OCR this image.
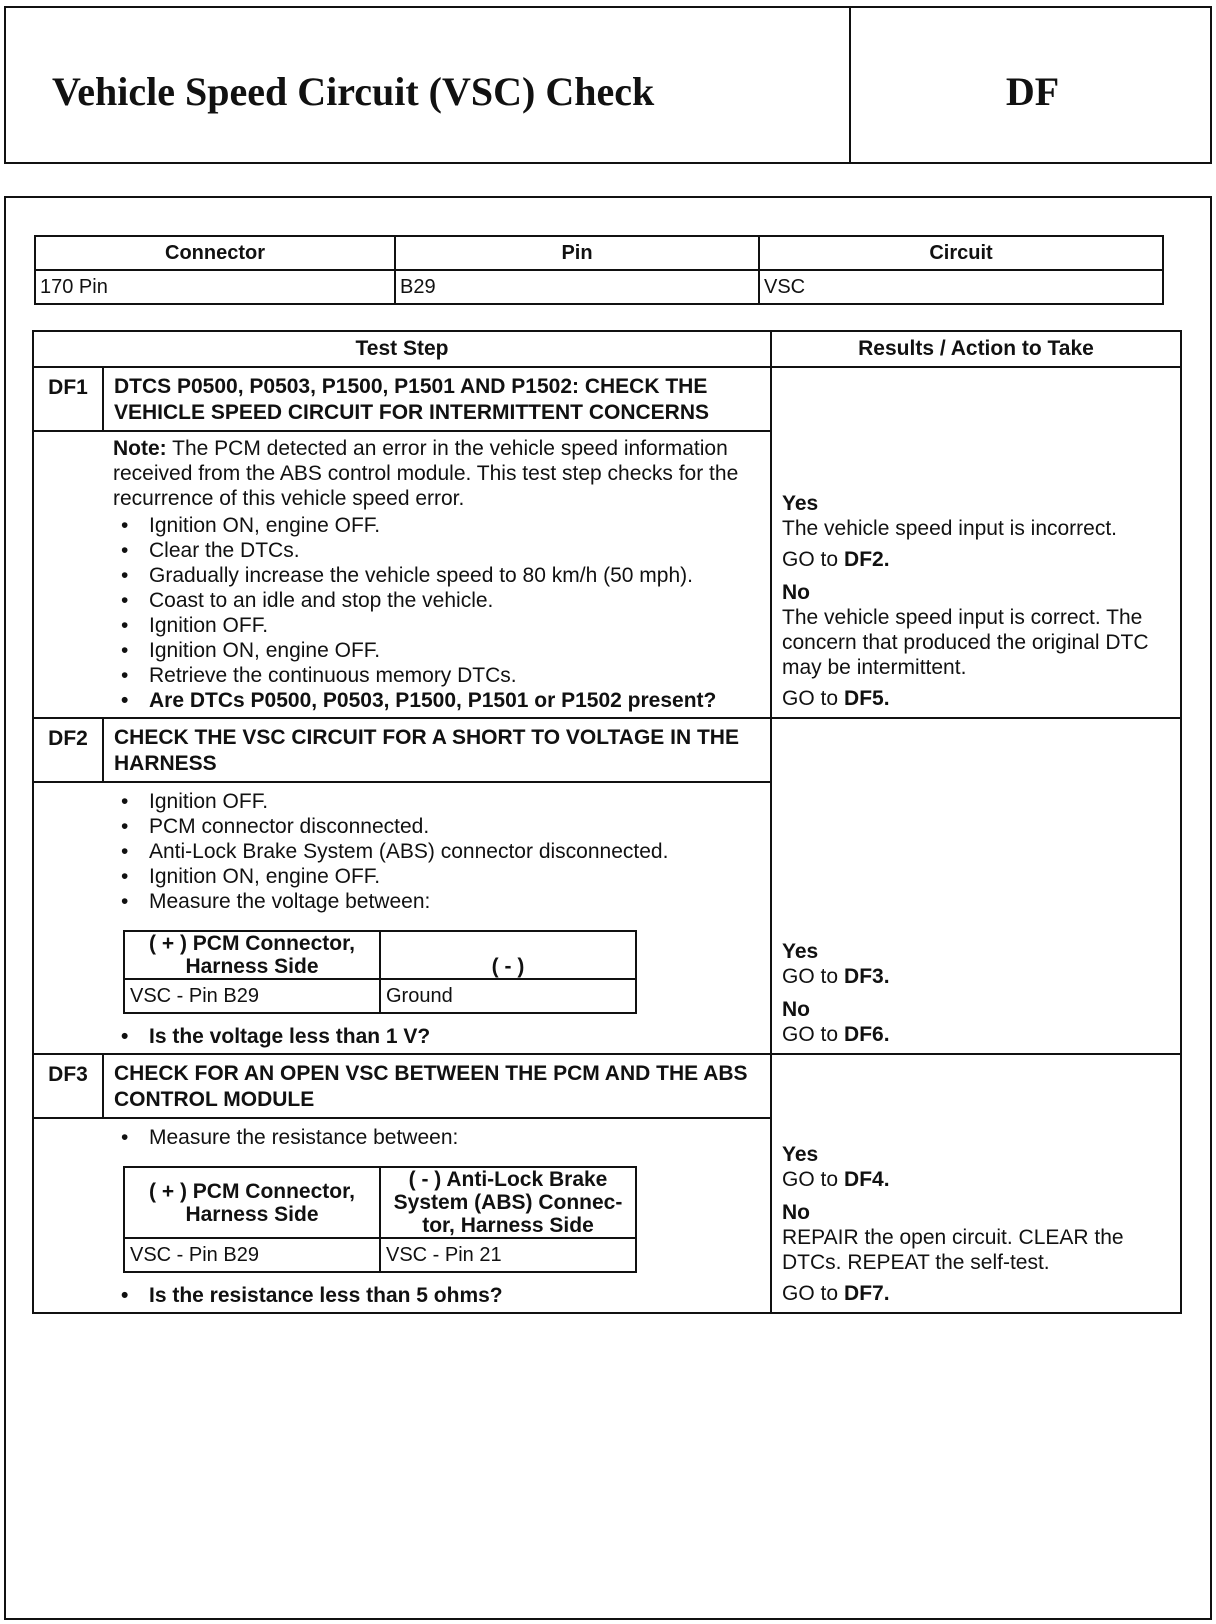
Vehicle Speed Circuit (VSC) Check	DF
Connector	Pin	Circuit
170 Pin	B29	VSC
Test Step	Results / Action to Take
DF1	DTCS P0500, P0503, P1500, P1501 AND P1502: CHECK THE VEHICLE SPEED CIRCUIT FOR INTERMITTENT CONCERNS	
Yes
The vehicle speed input is incorrect.
GO to DF2.
No
The vehicle speed input is correct. The concern that produced the original DTC may be intermittent.
GO to DF5.

Note: The PCM detected an error in the vehicle speed information received from the ABS control module. This test step checks for the recurrence of this vehicle speed error.
• Ignition ON, engine OFF.
• Clear the DTCs.
• Gradually increase the vehicle speed to 80 km/h (50 mph).
• Coast to an idle and stop the vehicle.
• Ignition OFF.
• Ignition ON, engine OFF.
• Retrieve the continuous memory DTCs.
• Are DTCs P0500, P0503, P1500, P1501 or P1502 present?

DF2	CHECK THE VSC CIRCUIT FOR A SHORT TO VOLTAGE IN THE HARNESS	
Yes
GO to DF3.
No
GO to DF6.

• Ignition OFF.
• PCM connector disconnected.
• Anti-Lock Brake System (ABS) connector disconnected.
• Ignition ON, engine OFF.
• Measure the voltage between:
( + ) PCM Connector, Harness Side	( - )
VSC - Pin B29	Ground
• Is the voltage less than 1 V?

DF3	CHECK FOR AN OPEN VSC BETWEEN THE PCM AND THE ABS CONTROL MODULE	
Yes
GO to DF4.
No
REPAIR the open circuit. CLEAR the DTCs. REPEAT the self-test.
GO to DF7.

• Measure the resistance between:
( + ) PCM Connector, Harness Side	( - ) Anti-Lock Brake System (ABS) Connec-tor, Harness Side
VSC - Pin B29	VSC - Pin 21
• Is the resistance less than 5 ohms?
